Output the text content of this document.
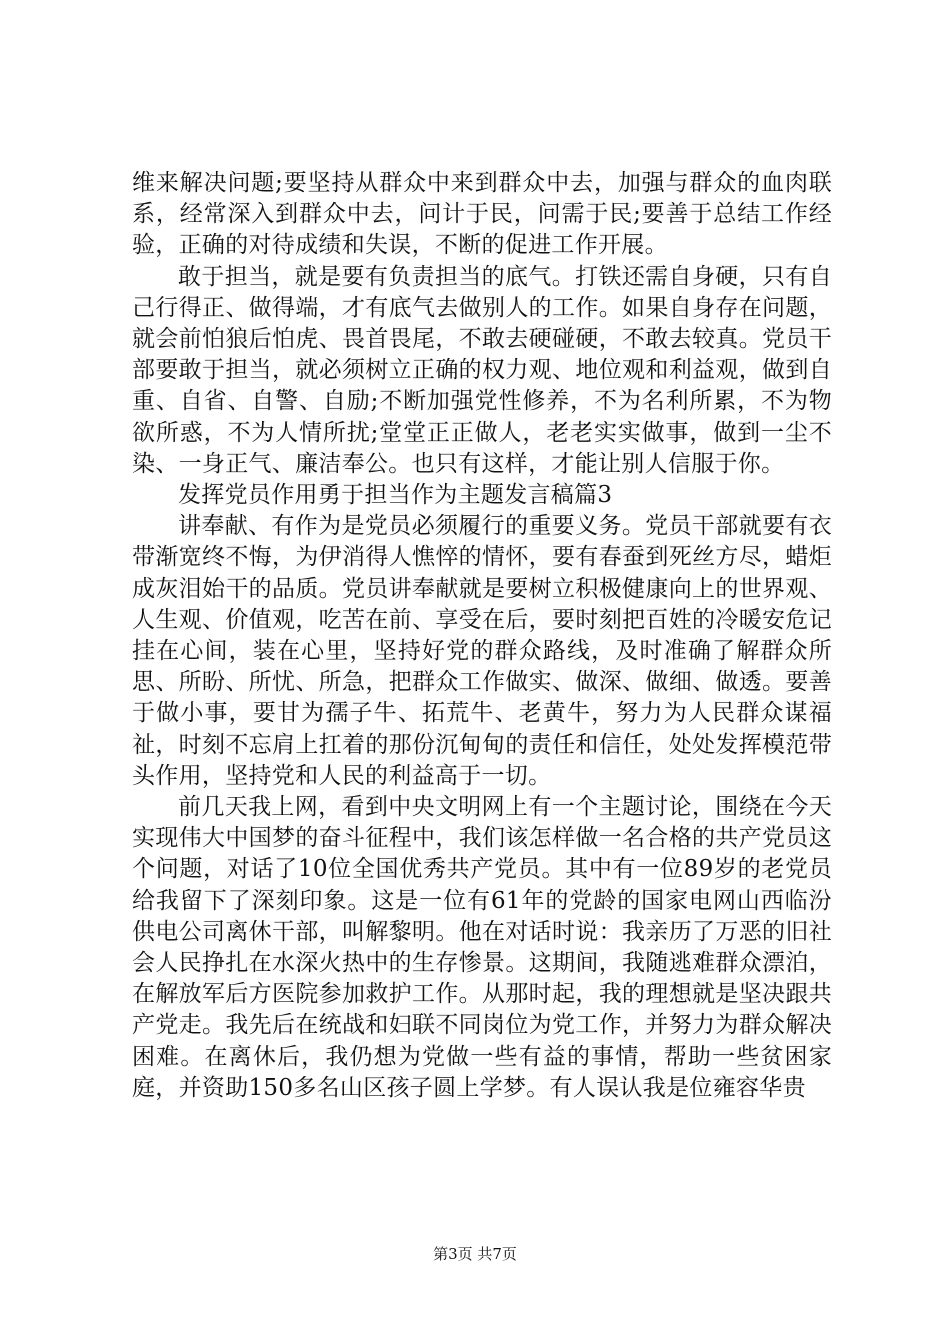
维来解决问题;要坚持从群众中来到群众中去，加强与群众的血肉联系，经常深入到群众中去，问计于民，问需于民;要善于总结工作经验，正确的对待成绩和失误，不断的促进工作开展。

敢于担当，就是要有负责担当的底气。打铁还需自身硬，只有自己行得正、做得端，才有底气去做别人的工作。如果自身存在问题，就会前怕狼后怕虎、畏首畏尾，不敢去硬碰硬，不敢去较真。党员干部要敢于担当，就必须树立正确的权力观、地位观和利益观，做到自重、自省、自警、自励;不断加强党性修养，不为名利所累，不为物欲所惑，不为人情所扰;堂堂正正做人，老老实实做事，做到一尘不染、一身正气、廉洁奉公。也只有这样，才能让别人信服于你。

发挥党员作用勇于担当作为主题发言稿篇3

讲奉献、有作为是党员必须履行的重要义务。党员干部就要有衣带渐宽终不悔，为伊消得人憔悴的情怀，要有春蚕到死丝方尽，蜡炬成灰泪始干的品质。党员讲奉献就是要树立积极健康向上的世界观、人生观、价值观，吃苦在前、享受在后，要时刻把百姓的冷暖安危记挂在心间，装在心里，坚持好党的群众路线，及时准确了解群众所思、所盼、所忧、所急，把群众工作做实、做深、做细、做透。要善于做小事，要甘为孺子牛、拓荒牛、老黄牛，努力为人民群众谋福祉，时刻不忘肩上扛着的那份沉甸甸的责任和信任，处处发挥模范带头作用，坚持党和人民的利益高于一切。

前几天我上网，看到中央文明网上有一个主题讨论，围绕在今天实现伟大中国梦的奋斗征程中，我们该怎样做一名合格的共产党员这个问题，对话了10位全国优秀共产党员。其中有一位89岁的老党员给我留下了深刻印象。这是一位有61年的党龄的国家电网山西临汾供电公司离休干部，叫解黎明。他在对话时说：我亲历了万恶的旧社会人民挣扎在水深火热中的生存惨景。这期间，我随逃难群众漂泊，在解放军后方医院参加救护工作。从那时起，我的理想就是坚决跟共产党走。我先后在统战和妇联不同岗位为党工作，并努力为群众解决困难。在离休后，我仍想为党做一些有益的事情，帮助一些贫困家庭，并资助150多名山区孩子圆上学梦。有人误认我是位雍容华贵

第3页 共7页
